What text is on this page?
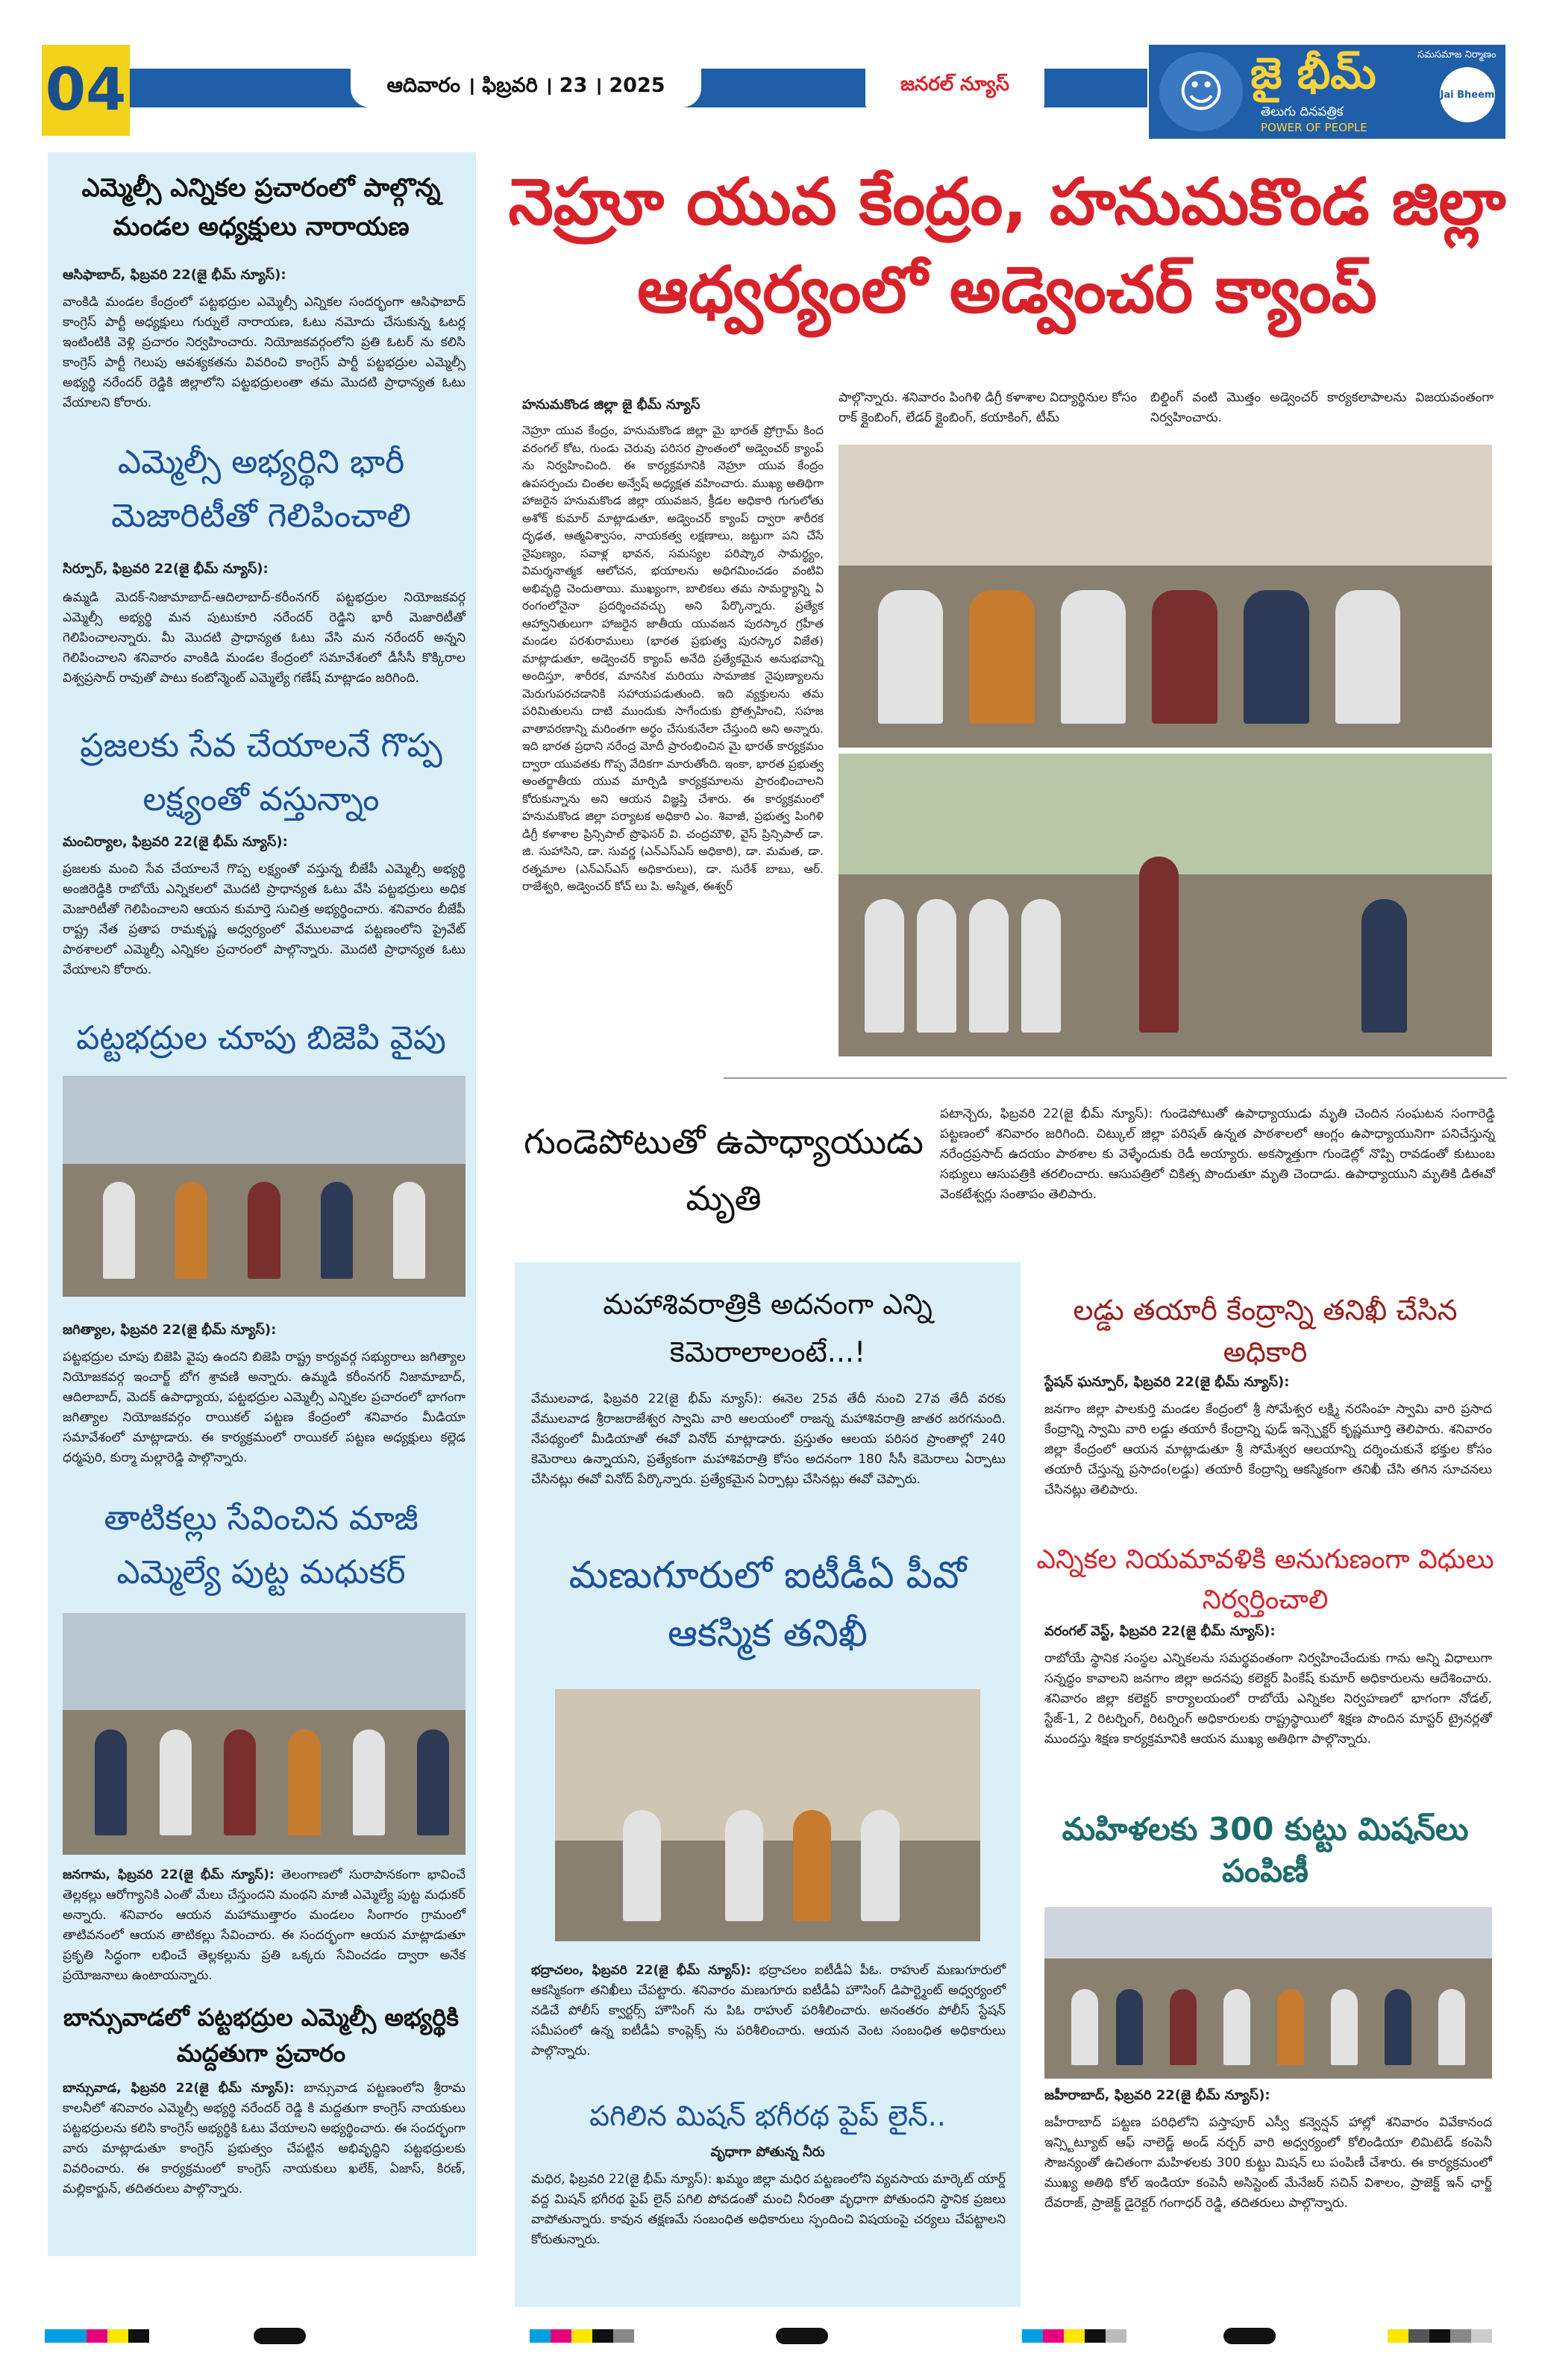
04	ఆదివారం । ఫిబ్రవరి । 23 । 2025	జనరల్ న్యూస్	☺ జై భీమ్	సమసమాజ నిర్మాణం
తెలుగు దినపత్రిక
POWER OF PEOPLE
Jai Bheem
ఎమ్మెల్సీ ఎన్నికల ప్రచారంలో పాల్గొన్న మండల అధ్యక్షులు నారాయణ
ఆసిఫాబాద్, ఫిబ్రవరి 22(జై భీమ్ న్యూస్):
వాంకిడి మండల కేంద్రంలో పట్టభద్రుల ఎమ్మెల్సీ ఎన్నికల సందర్భంగా ఆసిఫాబాద్ కాంగ్రెస్ పార్టీ అధ్యక్షులు గుర్నులే నారాయణ, ఓటు నమోదు చేసుకున్న ఓటర్ల ఇంటింటికి వెళ్లి ప్రచారం నిర్వహించారు. నియోజకవర్గంలోని ప్రతి ఓటర్ ను కలిసి కాంగ్రెస్ పార్టీ గెలుపు ఆవశ్యకతను వివరించి కాంగ్రెస్ పార్టీ పట్టభద్రుల ఎమ్మెల్సీ అభ్యర్థి నరేందర్ రెడ్డికి జిల్లాలోని పట్టభద్రులంతా తమ మొదటి ప్రాధాన్యత ఓటు వేయాలని కోరారు.
ఎమ్మెల్సీ అభ్యర్థిని భారీ మెజారిటీతో గెలిపించాలి
సిర్పూర్, ఫిబ్రవరి 22(జై భీమ్ న్యూస్):
ఉమ్మడి మెదక్-నిజామాబాద్-ఆదిలాబాద్-కరీంనగర్ పట్టభద్రుల నియోజకవర్గ ఎమ్మెల్సీ అభ్యర్థి మన పుటుకూరి నరేందర్ రెడ్డిని భారీ మెజారిటీతో గెలిపించాలన్నారు. మీ మొదటి ప్రాధాన్యత ఓటు వేసి మన నరేందర్ అన్నని గెలిపించాలని శనివారం వాంకిడి మండల కేంద్రంలో సమావేశంలో డీసీసీ కొక్కిరాల విశ్వప్రసాద్ రావుతో పాటు కంటోన్మెంట్ ఎమ్మెల్యే గణేష్ మాట్లాడం జరిగింది.
ప్రజలకు సేవ చేయాలనే గొప్ప లక్ష్యంతో వస్తున్నాం
మంచిర్యాల, ఫిబ్రవరి 22(జై భీమ్ న్యూస్):
ప్రజలకు మంచి సేవ చేయాలనే గొప్ప లక్ష్యంతో వస్తున్న బీజేపీ ఎమ్మెల్సీ అభ్యర్థి అంజిరెడ్డికి రాబోయే ఎన్నికలలో మొదటి ప్రాధాన్యత ఓటు వేసి పట్టభద్రులు అధిక మెజారిటీతో గెలిపించాలని ఆయన కుమార్తె సుచిత్ర అభ్యర్థించారు. శనివారం బీజేపీ రాష్ట్ర నేత ప్రతాప రామకృష్ణ అధ్వర్యంలో వేములవాడ పట్టణంలోని ప్రైవేట్ పాఠశాలలో ఎమ్మెల్సీ ఎన్నికల ప్రచారంలో పాల్గొన్నారు. మొదటి ప్రాధాన్యత ఓటు వేయాలని కోరారు.
పట్టభద్రుల చూపు బిజెపి వైపు
జగిత్యాల, ఫిబ్రవరి 22(జై భీమ్ న్యూస్):
పట్టభద్రుల చూపు బిజెపి వైపు ఉందని బిజెపి రాష్ట్ర కార్యవర్గ సభ్యురాలు జగిత్యాల నియోజకవర్గ ఇంచార్జ్ బోగ శ్రావణి అన్నారు. ఉమ్మడి కరీంనగర్ నిజామాబాద్, ఆదిలాబాద్, మెదక్ ఉపాధ్యాయ, పట్టభద్రుల ఎమ్మెల్సీ ఎన్నికల ప్రచారంలో భాగంగా జగిత్యాల నియోజకవర్గం రాయికల్ పట్టణ కేంద్రంలో శనివారం మీడియా సమావేశంలో మాట్లాడారు. ఈ కార్యక్రమంలో రాయికల్ పట్టణ అధ్యక్షులు కల్లెడ ధర్మపురి, కుర్మా మల్లారెడ్డి పాల్గొన్నారు.
తాటికల్లు సేవించిన మాజీ ఎమ్మెల్యే పుట్ట మధుకర్
జనగామ, ఫిబ్రవరి 22(జై భీమ్ న్యూస్): తెలంగాణలో సురాపానకంగా భావించే తెల్లకల్లు ఆరోగ్యానికి ఎంతో మేలు చేస్తుందని మంథని మాజీ ఎమ్మెల్యే పుట్ట మధుకర్ అన్నారు. శనివారం ఆయన మహాముత్తారం మండలం సింగారం గ్రామంలో తాటివనంలో ఆయన తాటికల్లు సేవించారు. ఈ సందర్భంగా ఆయన మాట్లాడుతూ ప్రకృతి సిద్ధంగా లభించే తెల్లకల్లును ప్రతి ఒక్కరు సేవించడం ద్వారా అనేక ప్రయోజనాలు ఉంటాయన్నారు.
బాన్సువాడలో పట్టభద్రుల ఎమ్మెల్సీ అభ్యర్థికి మద్దతుగా ప్రచారం
బాన్సువాడ, ఫిబ్రవరి 22(జై భీమ్ న్యూస్): బాన్సువాడ పట్టణంలోని శ్రీరామ కాలనీలో శనివారం ఎమ్మెల్సీ అభ్యర్థి నరేందర్ రెడ్డి కి మద్దతుగా కాంగ్రెస్ నాయకులు పట్టభద్రులను కలిసి కాంగ్రెస్ అభ్యర్థికి ఓటు వేయాలని అభ్యర్థించారు. ఈ సందర్భంగా వారు మాట్లాడుతూ కాంగ్రెస్ ప్రభుత్వం చేపట్టిన అభివృద్ధిని పట్టభద్రులకు వివరించారు. ఈ కార్యక్రమంలో కాంగ్రెస్ నాయకులు ఖలేక్, ఏజాస్, కిరణ్, మల్లికార్జున్, తదితరులు పాల్గొన్నారు.
నెహ్రూ యువ కేంద్రం, హనుమకొండ జిల్లా ఆధ్వర్యంలో అడ్వెంచర్ క్యాంప్
హనుమకొండ జిల్లా జై భీమ్ న్యూస్
నెహ్రూ యువ కేంద్రం, హనుమకొండ జిల్లా మై భారత్ ప్రోగ్రామ్ కింద వరంగల్ కోట, గుండు చెరువు పరిసర ప్రాంతంలో అడ్వెంచర్ క్యాంప్ ను నిర్వహించింది. ఈ కార్యక్రమానికి నెహ్రూ యువ కేంద్రం ఉపసర్పంచు చింతల అన్వేష్ అధ్యక్షత వహించారు. ముఖ్య అతిథిగా హాజరైన హనుమకొండ జిల్లా యువజన, క్రీడల అధికారి గుగులోతు అశోక్ కుమార్ మాట్లాడుతూ, అడ్వెంచర్ క్యాంప్ ద్వారా శారీరక దృఢత, ఆత్మవిశ్వాసం, నాయకత్వ లక్షణాలు, జట్టుగా పని చేసే నైపుణ్యం, సవాళ్ల భావన, సమస్యల పరిష్కార సామర్థ్యం, విమర్శనాత్మక ఆలోచన, భయాలను అధిగమించడం వంటివి అభివృద్ధి చెందుతాయి. ముఖ్యంగా, బాలికలు తమ సామర్థ్యాన్ని ఏ రంగంలోనైనా ప్రదర్శించవచ్చు అని పేర్కొన్నారు. ప్రత్యేక ఆహ్వానితులుగా హాజరైన జాతీయ యువజన పురస్కార గ్రహీత మండల పరశురాములు (భారత ప్రభుత్వ పురస్కార విజేత) మాట్లాడుతూ, అడ్వెంచర్ క్యాంప్ అనేది ప్రత్యేకమైన అనుభవాన్ని అందిస్తూ, శారీరక, మానసిక మరియు సామాజిక నైపుణ్యాలను మెరుగుపరచడానికి సహాయపడుతుంది. ఇది వ్యక్తులను తమ పరిమితులను దాటి ముందుకు సాగేందుకు ప్రోత్సహించి, సహజ వాతావరణాన్ని మరింతగా అర్థం చేసుకునేలా చేస్తుంది అని అన్నారు. ఇది భారత ప్రధాని నరేంద్ర మోదీ ప్రారంభించిన మై భారత్ కార్యక్రమం ద్వారా యువతకు గొప్ప వేదికగా మారుతోంది. ఇంకా, భారత ప్రభుత్వ అంతర్జాతీయ యువ మార్పిడి కార్యక్రమాలను ప్రారంభించాలని కోరుకున్నాను అని ఆయన విజ్ఞప్తి చేశారు. ఈ కార్యక్రమంలో హనుమకొండ జిల్లా పర్యాటక అధికారి ఎం. శివాజీ, ప్రభుత్వ పింగిళి డిగ్రీ కళాశాల ప్రిన్సిపాల్ ప్రొఫెసర్ వి. చంద్రమౌళి, వైస్ ప్రిన్సిపాల్ డా. జి. సుహాసిని, డా. సువర్ణ (ఎన్ఎస్ఎస్ అధికారి), డా. మమత, డా. రత్నమాల (ఎన్ఎస్ఎస్ అధికారులు), డా. సురేశ్ బాబు, ఆర్. రాజేశ్వరి, అడ్వెంచర్ కోచ్ లు పి. అస్మిత, ఈశ్వర్
పాల్గొన్నారు. శనివారం పింగిళి డిగ్రీ కళాశాల విద్యార్థినుల కోసం రాక్ క్లైంబింగ్, లేడర్ క్లైంబింగ్, కయాకింగ్, టీమ్
బిల్డింగ్ వంటి మొత్తం అడ్వెంచర్ కార్యకలాపాలను విజయవంతంగా నిర్వహించారు.
గుండెపోటుతో ఉపాధ్యాయుడు మృతి
పటాన్చెరు, ఫిబ్రవరి 22(జై భీమ్ న్యూస్): గుండెపోటుతో ఉపాధ్యాయుడు మృతి చెందిన సంఘటన సంగారెడ్డి పట్టణంలో శనివారం జరిగింది. చిట్కుల్ జిల్లా పరిషత్ ఉన్నత పాఠశాలలో ఆంగ్లం ఉపాధ్యాయునిగా పనిచేస్తున్న నరేంద్రప్రసాద్ ఉదయం పాఠశాల కు వెళ్ళేందుకు రెడీ అయ్యారు. అకస్మాత్తుగా గుండెల్లో నొప్పి రావడంతో కుటుంబ సభ్యులు ఆసుపత్రికి తరలించారు. ఆసుపత్రిలో చికిత్స పొందుతూ మృతి చెందాడు. ఉపాధ్యాయుని మృతికి డిఈవో వెంకటేశ్వర్లు సంతాపం తెలిపారు.
మహాశివరాత్రికి అదనంగా ఎన్ని కెమెరాలాలంటే...!
వేములవాడ, ఫిబ్రవరి 22(జై భీమ్ న్యూస్): ఈనెల 25వ తేదీ నుంచి 27వ తేదీ వరకు వేములవాడ శ్రీరాజరాజేశ్వర స్వామి వారి ఆలయంలో రాజన్న మహాశివరాత్రి జాతర జరగనుంది. నేపథ్యంలో మీడియాతో ఈవో వినోద్ మాట్లాడారు. ప్రస్తుతం ఆలయ పరిసర ప్రాంతాల్లో 240 కెమెరాలు ఉన్నాయని, ప్రత్యేకంగా మహాశివరాత్రి కోసం అదనంగా 180 సీసీ కెమెరాలు ఏర్పాటు చేసినట్లు ఈవో వినోద్ పేర్కొన్నారు. ప్రత్యేకమైన ఏర్పాట్లు చేసినట్లు ఈవో చెప్పారు.
మణుగూరులో ఐటీడీఏ పీవో ఆకస్మిక తనిఖీ
భద్రాచలం, ఫిబ్రవరి 22(జై భీమ్ న్యూస్): భద్రాచలం ఐటీడీఏ పీఓ. రాహుల్ మణుగూరులో ఆకస్మికంగా తనిఖీలు చేపట్టారు. శనివారం మణుగూరు ఐటీడీఏ హౌసింగ్ డిపార్ట్మెంట్ అధ్వర్యంలో నడిచే పోలీస్ క్వార్టర్స్ హౌసింగ్ ను పిఓ రాహుల్ పరిశీలించారు. అనంతరం పోలీస్ స్టేషన్ సమీపంలో ఉన్న ఐటీడీఏ కాంప్లెక్స్ ను పరిశీలించారు. ఆయన వెంట సంబంధిత అధికారులు పాల్గొన్నారు.
పగిలిన మిషన్ భగీరథ పైప్ లైన్..
వృధాగా పోతున్న నీరు
మధిర, ఫిబ్రవరి 22(జై భీమ్ న్యూస్): ఖమ్మం జిల్లా మధిర పట్టణంలోని వ్యవసాయ మార్కెట్ యార్డ్ వద్ద మిషన్ భగీరథ పైప్ లైన్ పగిలి పోవడంతో మంచి నీరంతా వృధాగా పోతుందని స్థానిక ప్రజలు వాపోతున్నారు. కావున తక్షణమే సంబంధిత అధికారులు స్పందించి విషయంపై చర్యలు చేపట్టాలని కోరుతున్నారు.
లడ్డు తయారీ కేంద్రాన్ని తనిఖీ చేసిన అధికారి
స్టేషన్ ఘన్పూర్, ఫిబ్రవరి 22(జై భీమ్ న్యూస్):
జనగాం జిల్లా పాలకుర్తి మండల కేంద్రంలో శ్రీ సోమేశ్వర లక్ష్మి నరసింహ స్వామి వారి ప్రసాద కేంద్రాన్ని స్వామి వారి లడ్డు తయారీ కేంద్రాన్ని ఫుడ్ ఇన్స్పెక్టర్ కృష్ణమూర్తి తెలిపారు. శనివారం జిల్లా కేంద్రంలో ఆయన మాట్లాడుతూ శ్రీ సోమేశ్వర ఆలయాన్ని దర్శించుకునే భక్తుల కోసం తయారీ చేస్తున్న ప్రసాదం(లడ్డు) తయారీ కేంద్రాన్ని ఆకస్మికంగా తనిఖీ చేసి తగిన సూచనలు చేసినట్లు తెలిపారు.
ఎన్నికల నియమావళికి అనుగుణంగా విధులు నిర్వర్తించాలి
వరంగల్ వెస్ట్, ఫిబ్రవరి 22(జై భీమ్ న్యూస్):
రాబోయే స్థానిక సంస్థల ఎన్నికలను సమర్థవంతంగా నిర్వహించేందుకు గాను అన్ని విధాలుగా సన్నద్ధం కావాలని జనగాం జిల్లా అదనపు కలెక్టర్ పింకేష్ కుమార్ అధికారులను ఆదేశించారు. శనివారం జిల్లా కలెక్టర్ కార్యాలయంలో రాబోయే ఎన్నికల నిర్వహణలో భాగంగా నోడల్, స్టేజ్-1, 2 రిటర్నింగ్, రిటర్నింగ్ అధికారులకు రాష్ట్రస్థాయిలో శిక్షణ పొందిన మాస్టర్ ట్రైనర్లతో ముందస్తు శిక్షణ కార్యక్రమానికి ఆయన ముఖ్య అతిథిగా పాల్గొన్నారు.
మహిళలకు 300 కుట్టు మిషన్‌లు పంపిణీ
జహీరాబాద్, ఫిబ్రవరి 22(జై భీమ్ న్యూస్):
జహీరాబాద్ పట్టణ పరిధిలోని పస్తాపూర్ ఎస్వీ కన్వెన్షన్ హాల్లో శనివారం వివేకానంద ఇన్స్టిట్యూట్ ఆఫ్ నాలెడ్జ్ అండ్ నర్చర్ వారి అధ్వర్యంలో కోలిండియా లిమిటెడ్ కంపెనీ సౌజన్యంతో ఉచితంగా మహిళలకు 300 కుట్టు మిషన్ లు పంపిణీ చేశారు. ఈ కార్యక్రమంలో ముఖ్య అతిథి కోల్ ఇండియా కంపెనీ అసిస్టెంట్ మేనేజర్ సచిన్ విశాలం, ప్రాజెక్ట్ ఇన్ ఛార్జ్ దేవరాజ్, ప్రాజెక్ట్ డైరెక్టర్ గంగాధర్ రెడ్డి, తదితరులు పాల్గొన్నారు.
